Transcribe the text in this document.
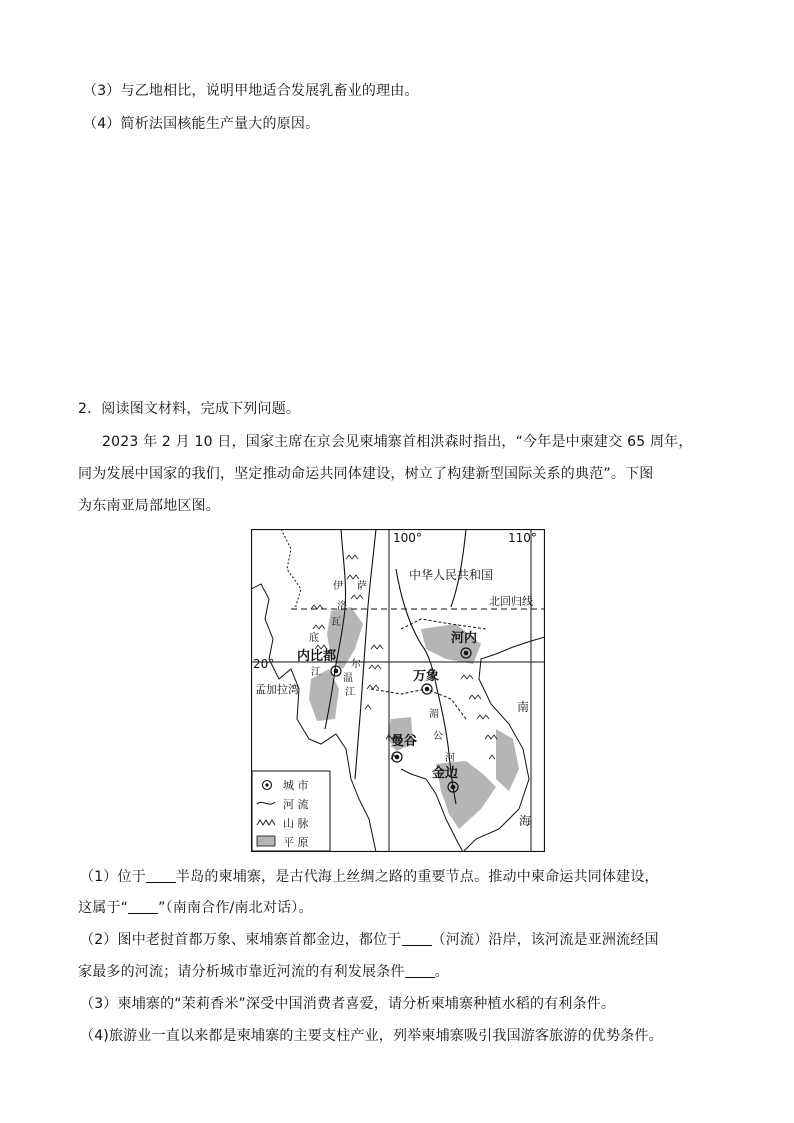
（3）与乙地相比，说明甲地适合发展乳畜业的理由。
（4）简析法国核能生产量大的原因。
2．阅读图文材料，完成下列问题。
2023 年 2 月 10 日，国家主席在京会见柬埔寨首相洪森时指出，“今年是中柬建交 65 周年，
同为发展中国家的我们，坚定推动命运共同体建设，树立了构建新型国际关系的典范”。下图
为东南亚局部地区图。
100°	110°
20°
中华人民共和国
北回归线
内比都
河内
万象
曼谷
金边
孟加拉湾
伊
洛
瓦
底
江
萨
尔
温
江
湄
公
河
南
海
城 市
河 流
山 脉
平 原
（1）位于 半岛的柬埔寨，是古代海上丝绸之路的重要节点。推动中柬命运共同体建设，
这属于“ ”（南南合作/南北对话）。
（2）图中老挝首都万象、柬埔寨首都金边，都位于 （河流）沿岸，该河流是亚洲流经国
家最多的河流；请分析城市靠近河流的有利发展条件 。
（3）柬埔寨的“茉莉香米”深受中国消费者喜爱，请分析柬埔寨种植水稻的有利条件。
（4)旅游业一直以来都是柬埔寨的主要支柱产业，列举柬埔寨吸引我国游客旅游的优势条件。
